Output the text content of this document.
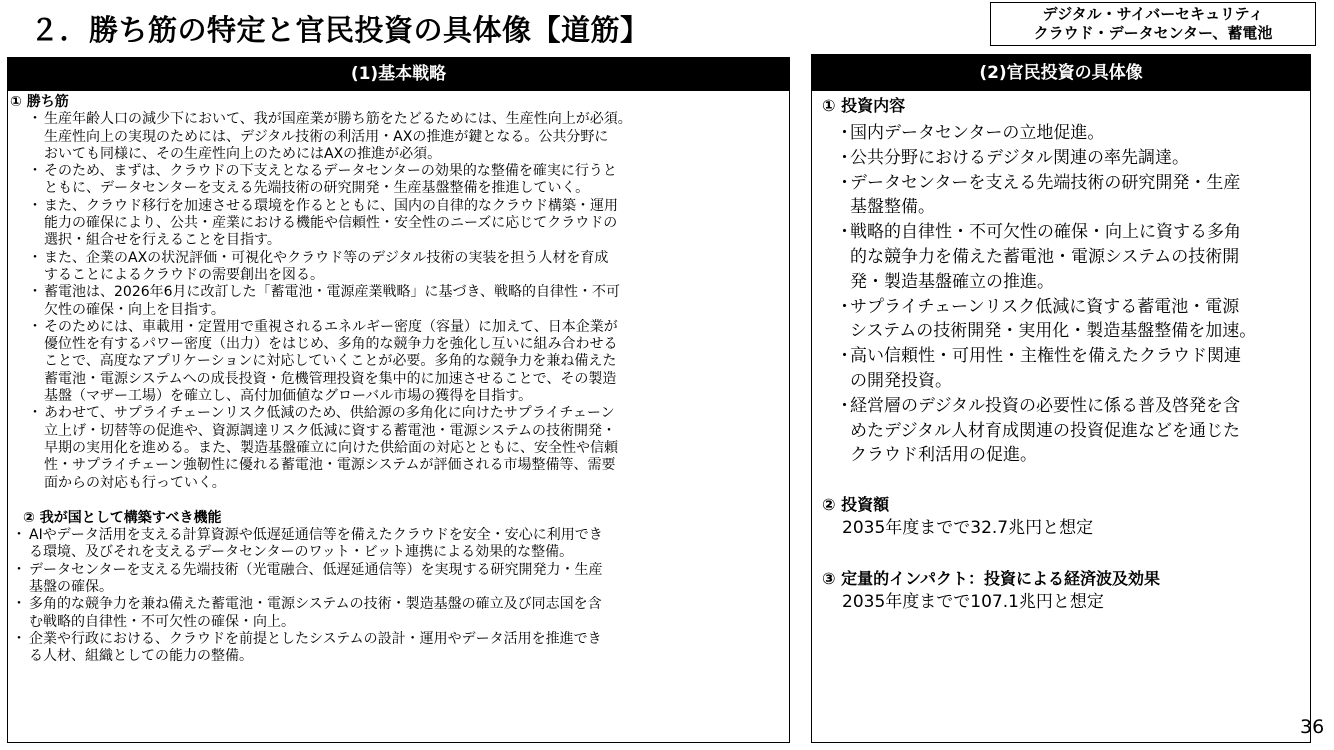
２．勝ち筋の特定と官民投資の具体像【道筋】	デジタル・サイバーセキュリティ
クラウド・データセンター、蓄電池
(1)基本戦略
① 勝ち筋
・ 生産年齢人口の減少下において、我が国産業が勝ち筋をたどるためには、生産性向上が必須。
生産性向上の実現のためには、デジタル技術の利活用・AXの推進が鍵となる。公共分野に
おいても同様に、その生産性向上のためにはAXの推進が必須。
・ そのため、まずは、クラウドの下支えとなるデータセンターの効果的な整備を確実に行うと
ともに、データセンターを支える先端技術の研究開発・生産基盤整備を推進していく。
・ また、クラウド移行を加速させる環境を作るとともに、国内の自律的なクラウド構築・運用
能力の確保により、公共・産業における機能や信頼性・安全性のニーズに応じてクラウドの
選択・組合せを行えることを目指す。
・ また、企業のAXの状況評価・可視化やクラウド等のデジタル技術の実装を担う人材を育成
することによるクラウドの需要創出を図る。
・ 蓄電池は、2026年6月に改訂した「蓄電池・電源産業戦略」に基づき、戦略的自律性・不可
欠性の確保・向上を目指す。
・ そのためには、車載用・定置用で重視されるエネルギー密度（容量）に加えて、日本企業が
優位性を有するパワー密度（出力）をはじめ、多角的な競争力を強化し互いに組み合わせる
ことで、高度なアプリケーションに対応していくことが必要。多角的な競争力を兼ね備えた
蓄電池・電源システムへの成長投資・危機管理投資を集中的に加速させることで、その製造
基盤（マザー工場）を確立し、高付加価値なグローバル市場の獲得を目指す。
・ あわせて、サプライチェーンリスク低減のため、供給源の多角化に向けたサプライチェーン
立上げ・切替等の促進や、資源調達リスク低減に資する蓄電池・電源システムの技術開発・
早期の実用化を進める。また、製造基盤確立に向けた供給面の対応とともに、安全性や信頼
性・サプライチェーン強靭性に優れる蓄電池・電源システムが評価される市場整備等、需要
面からの対応も行っていく。
② 我が国として構築すべき機能
・ AIやデータ活用を支える計算資源や低遅延通信等を備えたクラウドを安全・安心に利用でき
る環境、及びそれを支えるデータセンターのワット・ビット連携による効果的な整備。
・ データセンターを支える先端技術（光電融合、低遅延通信等）を実現する研究開発力・生産
基盤の確保。
・ 多角的な競争力を兼ね備えた蓄電池・電源システムの技術・製造基盤の確立及び同志国を含
む戦略的自律性・不可欠性の確保・向上。
・ 企業や行政における、クラウドを前提としたシステムの設計・運用やデータ活用を推進でき
る人材、組織としての能力の整備。
(2)官民投資の具体像
① 投資内容
・
国内データセンターの立地促進。
・
公共分野におけるデジタル関連の率先調達。
・
データセンターを支える先端技術の研究開発・生産
基盤整備。
・
戦略的自律性・不可欠性の確保・向上に資する多角
的な競争力を備えた蓄電池・電源システムの技術開
発・製造基盤確立の推進。
・
サプライチェーンリスク低減に資する蓄電池・電源
システムの技術開発・実用化・製造基盤整備を加速。
・
高い信頼性・可用性・主権性を備えたクラウド関連
の開発投資。
・
経営層のデジタル投資の必要性に係る普及啓発を含
めたデジタル人材育成関連の投資促進などを通じた
クラウド利活用の促進。
② 投資額
2035年度までで32.7兆円と想定
③ 定量的インパクト：投資による経済波及効果
2035年度までで107.1兆円と想定
36
